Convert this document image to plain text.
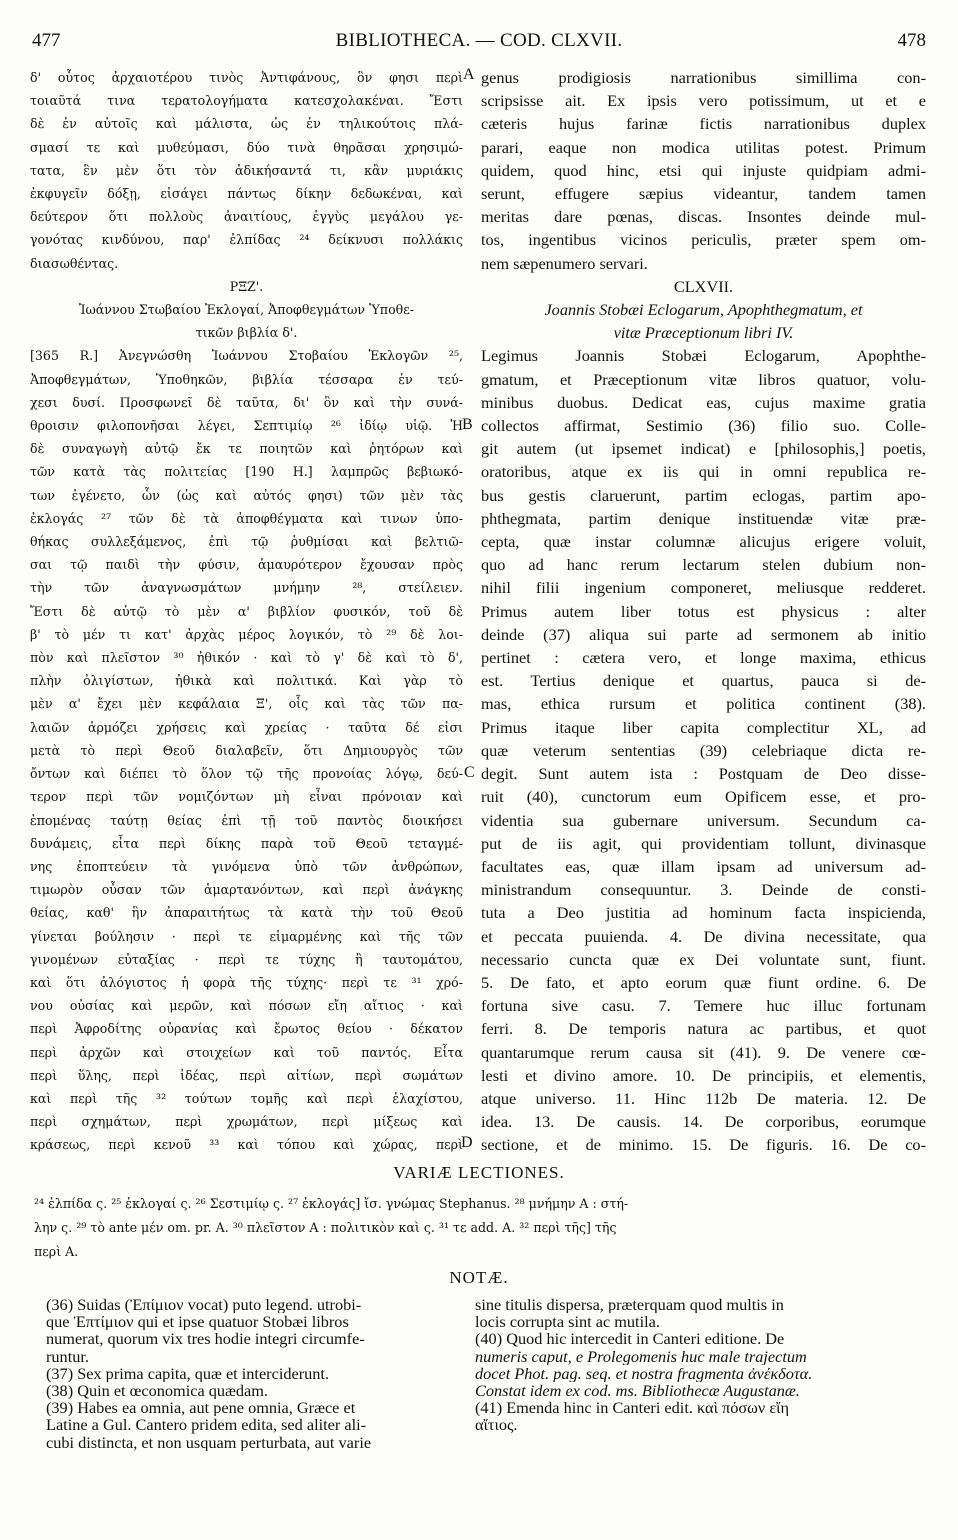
477	BIBLIOTHECA. — COD. CLXVII.	478
δ' οὗτος ἀρχαιοτέρου τινὸς Ἀντιφάνους, ὃν φησι περὶ
τοιαῦτά τινα τερατολογήματα κατεσχολακέναι. Ἔστι
δὲ ἐν αὐτοῖς καὶ μάλιστα, ὡς ἐν τηλικούτοις πλά-
σμασί τε καὶ μυθεύμασι, δύο τινὰ θηρᾶσαι χρησιμώ-
τατα, ἓν μὲν ὅτι τὸν ἀδικήσαντά τι, κἂν μυριάκις
ἐκφυγεῖν δόξῃ, εἰσάγει πάντως δίκην δεδωκέναι, καὶ
δεύτερον ὅτι πολλοὺς ἀναιτίους, ἐγγὺς μεγάλου γε-
γονότας κινδύνου, παρ' ἐλπίδας ²⁴ δείκνυσι πολλάκις
διασωθέντας.
ΡΞΖ'.
Ἰωάννου Στωβαίου Ἐκλογαί, Ἀποφθεγμάτων Ὑποθε-
τικῶν βιβλία δ'.
[365 R.] Ἀνεγνώσθη Ἰωάννου Στοβαίου Ἐκλογῶν ²⁵,
Ἀποφθεγμάτων, Ὑποθηκῶν, βιβλία τέσσαρα ἐν τεύ-
χεσι δυσί. Προσφωνεῖ δὲ ταῦτα, δι' ὃν καὶ τὴν συνά-
θροισιν φιλοπονῆσαι λέγει, Σεπτιμίῳ ²⁶ ἰδίῳ υἱῷ. Ἡ
δὲ συναγωγὴ αὐτῷ ἔκ τε ποιητῶν καὶ ῥητόρων καὶ
τῶν κατὰ τὰς πολιτείας [190 H.] λαμπρῶς βεβιωκό-
των ἐγένετο, ὧν (ὡς καὶ αὐτός φησι) τῶν μὲν τὰς
ἐκλογάς ²⁷ τῶν δὲ τὰ ἀποφθέγματα καὶ τινων ὑπο-
θήκας συλλεξάμενος, ἐπὶ τῷ ῥυθμίσαι καὶ βελτιῶ-
σαι τῷ παιδὶ τὴν φύσιν, ἀμαυρότερον ἔχουσαν πρὸς
τὴν τῶν ἀναγνωσμάτων μνήμην ²⁸, στείλειεν.
Ἔστι δὲ αὐτῷ τὸ μὲν α' βιβλίον φυσικόν, τοῦ δὲ
β' τὸ μέν τι κατ' ἀρχὰς μέρος λογικόν, τὸ ²⁹ δὲ λοι-
πὸν καὶ πλεῖστον ³⁰ ἠθικόν · καὶ τὸ γ' δὲ καὶ τὸ δ',
πλὴν ὀλιγίστων, ἠθικὰ καὶ πολιτικά. Καὶ γὰρ τὸ
μὲν α' ἔχει μὲν κεφάλαια Ξ', οἷς καὶ τὰς τῶν πα-
λαιῶν ἁρμόζει χρήσεις καὶ χρείας · ταῦτα δέ εἰσι
μετὰ τὸ περὶ Θεοῦ διαλαβεῖν, ὅτι Δημιουργὸς τῶν
ὄντων καὶ διέπει τὸ ὅλον τῷ τῆς προνοίας λόγῳ, δεύ-
τερον περὶ τῶν νομιζόντων μὴ εἶναι πρόνοιαν καὶ
ἑπομένας ταύτῃ θείας ἐπὶ τῇ τοῦ παντὸς διοικήσει
δυνάμεις, εἶτα περὶ δίκης παρὰ τοῦ Θεοῦ τεταγμέ-
νης ἐποπτεύειν τὰ γινόμενα ὑπὸ τῶν ἀνθρώπων,
τιμωρὸν οὖσαν τῶν ἁμαρτανόντων, καὶ περὶ ἀνάγκης
θείας, καθ' ἣν ἀπαραιτήτως τὰ κατὰ τὴν τοῦ Θεοῦ
γίνεται βούλησιν · περὶ τε εἱμαρμένης καὶ τῆς τῶν
γινομένων εὐταξίας · περὶ τε τύχης ἢ ταυτομάτου,
καὶ ὅτι ἀλόγιστος ἡ φορὰ τῆς τύχης· περὶ τε ³¹ χρό-
νου οὐσίας καὶ μερῶν, καὶ πόσων εἴη αἴτιος · καὶ
περὶ Ἀφροδίτης οὐρανίας καὶ ἔρωτος θείου · δέκατον
περὶ ἀρχῶν καὶ στοιχείων καὶ τοῦ παντός. Εἶτα
περὶ ὕλης, περὶ ἰδέας, περὶ αἰτίων, περὶ σωμάτων
καὶ περὶ τῆς ³² τούτων τομῆς καὶ περὶ ἐλαχίστου,
περὶ σχημάτων, περὶ χρωμάτων, περὶ μίξεως καὶ
κράσεως, περὶ κενοῦ ³³ καὶ τόπου καὶ χώρας, περὶ
genus prodigiosis narrationibus simillima con-
scripsisse ait. Ex ipsis vero potissimum, ut et e
cæteris hujus farinæ fictis narrationibus duplex
parari, eaque non modica utilitas potest. Primum
quidem, quod hinc, etsi qui injuste quidpiam admi-
serunt, effugere sæpius videantur, tandem tamen
meritas dare pœnas, discas. Insontes deinde mul-
tos, ingentibus vicinos periculis, præter spem om-
nem sæpenumero servari.
CLXVII.
Joannis Stobæi Eclogarum, Apophthegmatum, et
vitæ Præceptionum libri IV.
Legimus Joannis Stobæi Eclogarum, Apophthe-
gmatum, et Præceptionum vitæ libros quatuor, volu-
minibus duobus. Dedicat eas, cujus maxime gratia
collectos affirmat, Sestimio (36) filio suo. Colle-
git autem (ut ipsemet indicat) e [philosophis,] poetis,
oratoribus, atque ex iis qui in omni republica re-
bus gestis claruerunt, partim eclogas, partim apo-
phthegmata, partim denique instituendæ vitæ præ-
cepta, quæ instar columnæ alicujus erigere voluit,
quo ad hanc rerum lectarum stelen dubium non-
nihil filii ingenium componeret, meliusque redderet.
Primus autem liber totus est physicus : alter
deinde (37) aliqua sui parte ad sermonem ab initio
pertinet : cætera vero, et longe maxima, ethicus
est. Tertius denique et quartus, pauca si de-
mas, ethica rursum et politica continent (38).
Primus itaque liber capita complectitur XL, ad
quæ veterum sententias (39) celebriaque dicta re-
degit. Sunt autem ista : Postquam de Deo disse-
ruit (40), cunctorum eum Opificem esse, et pro-
videntia sua gubernare universum. Secundum ca-
put de iis agit, qui providentiam tollunt, divinasque
facultates eas, quæ illam ipsam ad universum ad-
ministrandum consequuntur. 3. Deinde de consti-
tuta a Deo justitia ad hominum facta inspicienda,
et peccata puuienda. 4. De divina necessitate, qua
necessario cuncta quæ ex Dei voluntate sunt, fiunt.
5. De fato, et apto eorum quæ fiunt ordine. 6. De
fortuna sive casu. 7. Temere huc illuc fortunam
ferri. 8. De temporis natura ac partibus, et quot
quantarumque rerum causa sit (41). 9. De venere cœ-
lesti et divino amore. 10. De principiis, et elementis,
atque universo. 11. Hinc 112b De materia. 12. De
idea. 13. De causis. 14. De corporibus, eorumque
sectione, et de minimo. 15. De figuris. 16. De co-
A
B
C
D
VARIÆ LECTIONES.
²⁴ ἐλπίδα ς. ²⁵ ἐκλογαί ς. ²⁶ Σεστιμίῳ ς. ²⁷ ἐκλογάς] ἴσ. γνώμας Stephanus. ²⁸ μνήμην A : στή-
λην ς. ²⁹ τὸ ante μέν om. pr. A. ³⁰ πλεῖστον A : πολιτικὸν καὶ ς. ³¹ τε add. A. ³² περὶ τῆς] τῆς
περὶ A.
NOTÆ.
(36) Suidas (Ἐπίμιον vocat) puto legend. utrobi-
que Ἐπτίμιον qui et ipse quatuor Stobæi libros
numerat, quorum vix tres hodie integri circumfe-
runtur.
(37) Sex prima capita, quæ et interciderunt.
(38) Quin et œconomica quædam.
(39) Habes ea omnia, aut pene omnia, Græce et
Latine a Gul. Cantero pridem edita, sed aliter ali-
cubi distincta, et non usquam perturbata, aut varie
sine titulis dispersa, præterquam quod multis in
locis corrupta sint ac mutila.
(40) Quod hic intercedit in Canteri editione. De
numeris caput, e Prolegomenis huc male trajectum
docet Phot. pag. seq. et nostra fragmenta ἀνέκδοτα.
Constat idem ex cod. ms. Bibliothecæ Augustanæ.
(41) Emenda hinc in Canteri edit. καὶ πόσων εἴη
αἴτιος.
